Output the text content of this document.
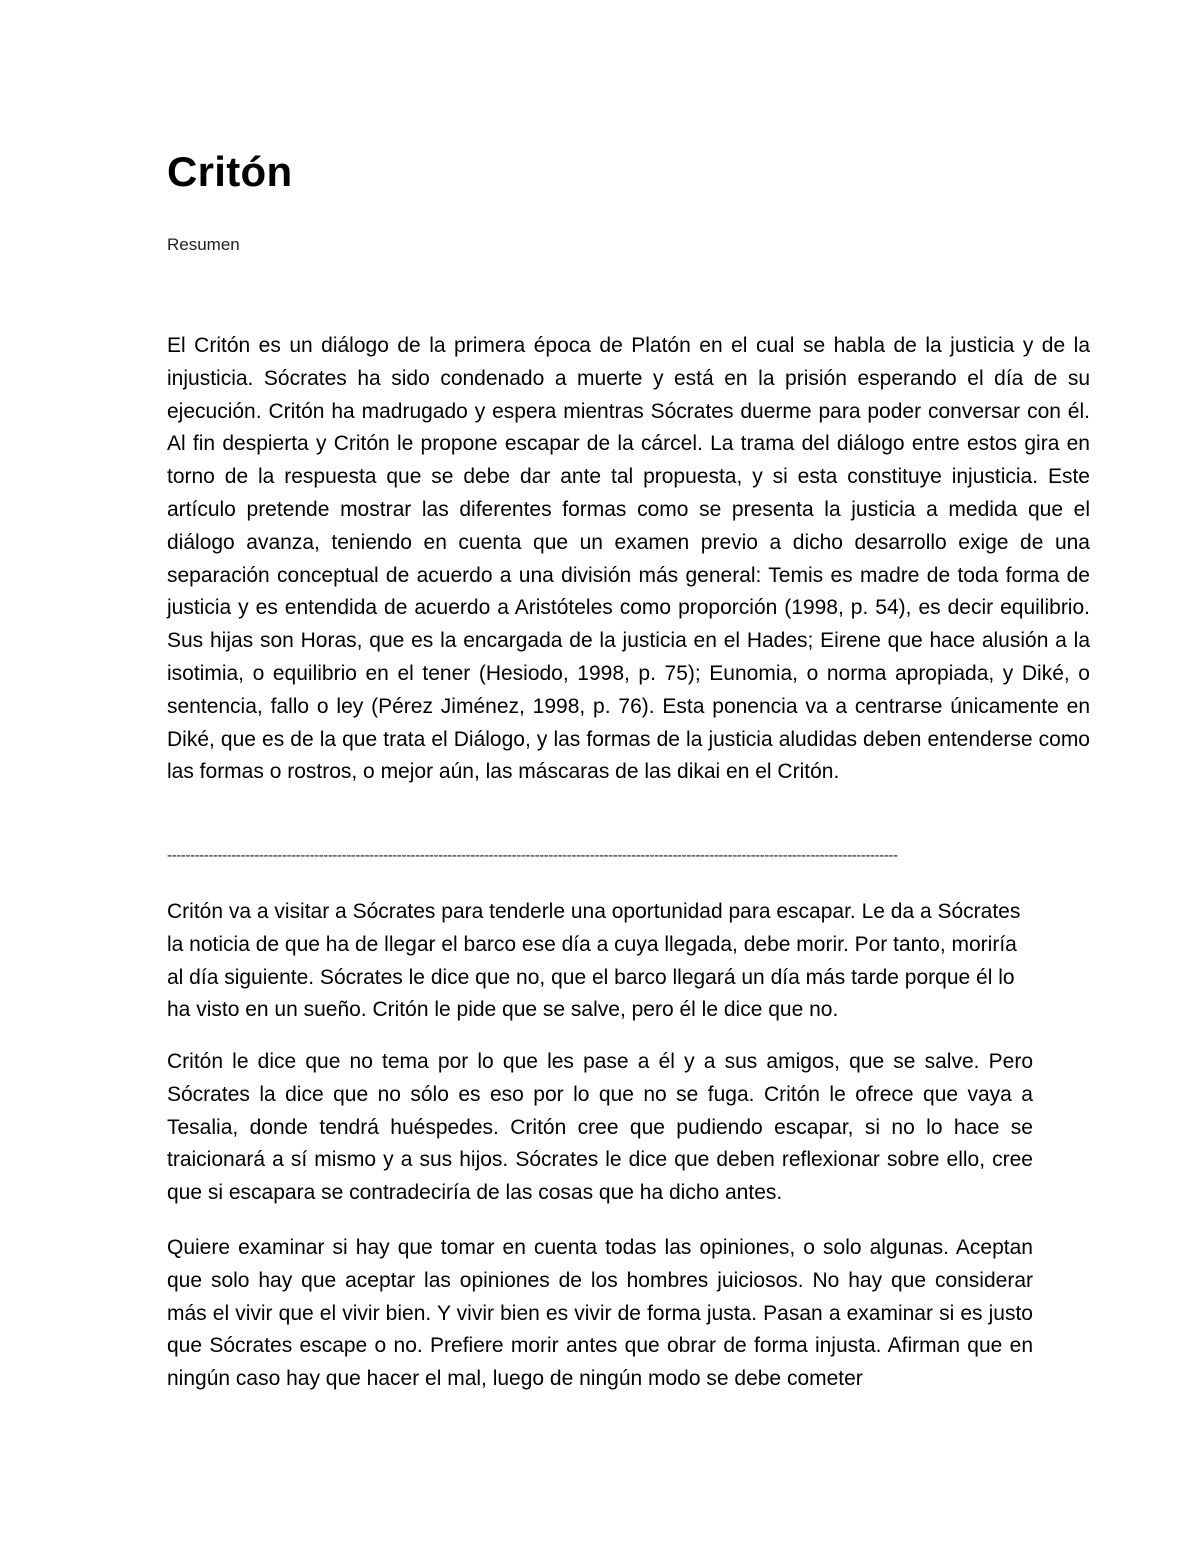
Critón
Resumen

El Critón es un diálogo de la primera época de Platón en el cual se habla de la justicia y de la injusticia. Sócrates ha sido condenado a muerte y está en la prisión esperando el día de su ejecución. Critón ha madrugado y espera mientras Sócrates duerme para poder conversar con él. Al fin despierta y Critón le propone escapar de la cárcel. La trama del diálogo entre estos gira en torno de la respuesta que se debe dar ante tal propuesta, y si esta constituye injusticia. Este artículo pretende mostrar las diferentes formas como se presenta la justicia a medida que el diálogo avanza, teniendo en cuenta que un examen previo a dicho desarrollo exige de una separación conceptual de acuerdo a una división más general: Temis es madre de toda forma de justicia y es entendida de acuerdo a Aristóteles como proporción (1998, p. 54), es decir equilibrio. Sus hijas son Horas, que es la encargada de la justicia en el Hades; Eirene que hace alusión a la isotimia, o equilibrio en el tener (Hesiodo, 1998, p. 75); Eunomia, o norma apropiada, y Diké, o sentencia, fallo o ley (Pérez Jiménez, 1998, p. 76). Esta ponencia va a centrarse únicamente en Diké, que es de la que trata el Diálogo, y las formas de la justicia aludidas deben entenderse como las formas o rostros, o mejor aún, las máscaras de las dikai en el Critón.

---------------------------------------------------------------------------------------------------------------------------------------------------------------

Critón va a visitar a Sócrates para tenderle una oportunidad para escapar. Le da a Sócrates la noticia de que ha de llegar el barco ese día a cuya llegada, debe morir. Por tanto, moriría al día siguiente. Sócrates le dice que no, que el barco llegará un día más tarde porque él lo ha visto en un sueño. Critón le pide que se salve, pero él le dice que no.

Critón le dice que no tema por lo que les pase a él y a sus amigos, que se salve. Pero Sócrates la dice que no sólo es eso por lo que no se fuga. Critón le ofrece que vaya a Tesalia, donde tendrá huéspedes. Critón cree que pudiendo escapar, si no lo hace se traicionará a sí mismo y a sus hijos. Sócrates le dice que deben reflexionar sobre ello, cree que si escapara se contradeciría de las cosas que ha dicho antes.

Quiere examinar si hay que tomar en cuenta todas las opiniones, o solo algunas. Aceptan que solo hay que aceptar las opiniones de los hombres juiciosos. No hay que considerar más el vivir que el vivir bien. Y vivir bien es vivir de forma justa. Pasan a examinar si es justo que Sócrates escape o no. Prefiere morir antes que obrar de forma injusta. Afirman que en ningún caso hay que hacer el mal, luego de ningún modo se debe cometer
